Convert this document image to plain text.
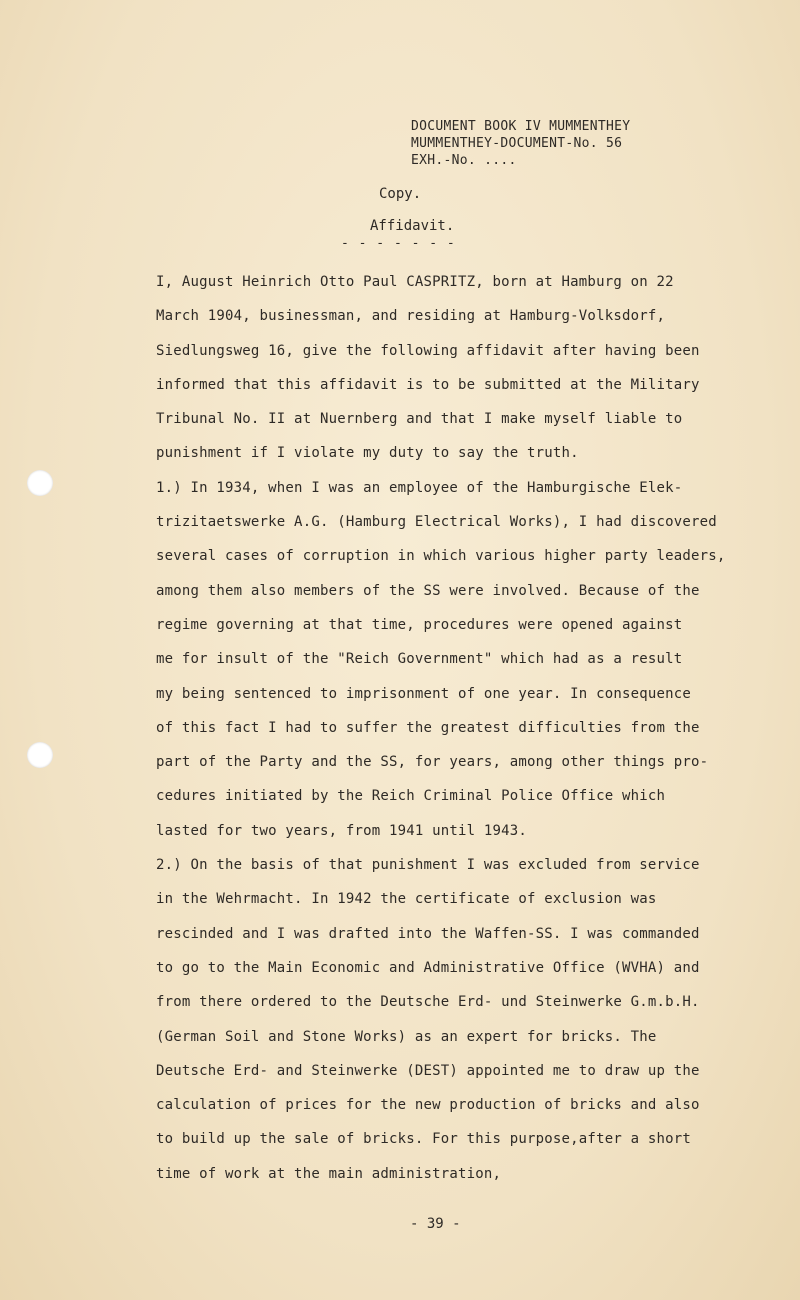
DOCUMENT BOOK IV MUMMENTHEY
MUMMENTHEY-DOCUMENT-No. 56
EXH.-No. ....
Copy.
Affidavit.
- - - - - - -
I, August Heinrich Otto Paul CASPRITZ, born at Hamburg on 22
March 1904, businessman, and residing at Hamburg-Volksdorf,
Siedlungsweg 16, give the following affidavit after having been
informed that this affidavit is to be submitted at the Military
Tribunal No. II at Nuernberg and that I make myself liable to
punishment if I violate my duty to say the truth.
1.) In 1934, when I was an employee of the Hamburgische Elek-
trizitaetswerke A.G. (Hamburg Electrical Works), I had discovered
several cases of corruption in which various higher party leaders,
among them also members of the SS were involved. Because of the
regime governing at that time, procedures were opened against
me for insult of the "Reich Government" which had as a result
my being sentenced to imprisonment of one year. In consequence
of this fact I had to suffer the greatest difficulties from the
part of the Party and the SS, for years, among other things pro-
cedures initiated by the Reich Criminal Police Office which
lasted for two years, from 1941 until 1943.
2.) On the basis of that punishment I was excluded from service
in the Wehrmacht. In 1942 the certificate of exclusion was
rescinded and I was drafted into the Waffen-SS. I was commanded
to go to the Main Economic and Administrative Office (WVHA) and
from there ordered to the Deutsche Erd- und Steinwerke G.m.b.H.
(German Soil and Stone Works) as an expert for bricks. The
Deutsche Erd- and Steinwerke (DEST) appointed me to draw up the
calculation of prices for the new production of bricks and also
to build up the sale of bricks. For this purpose,after a short
time of work at the main administration,
- 39 -
